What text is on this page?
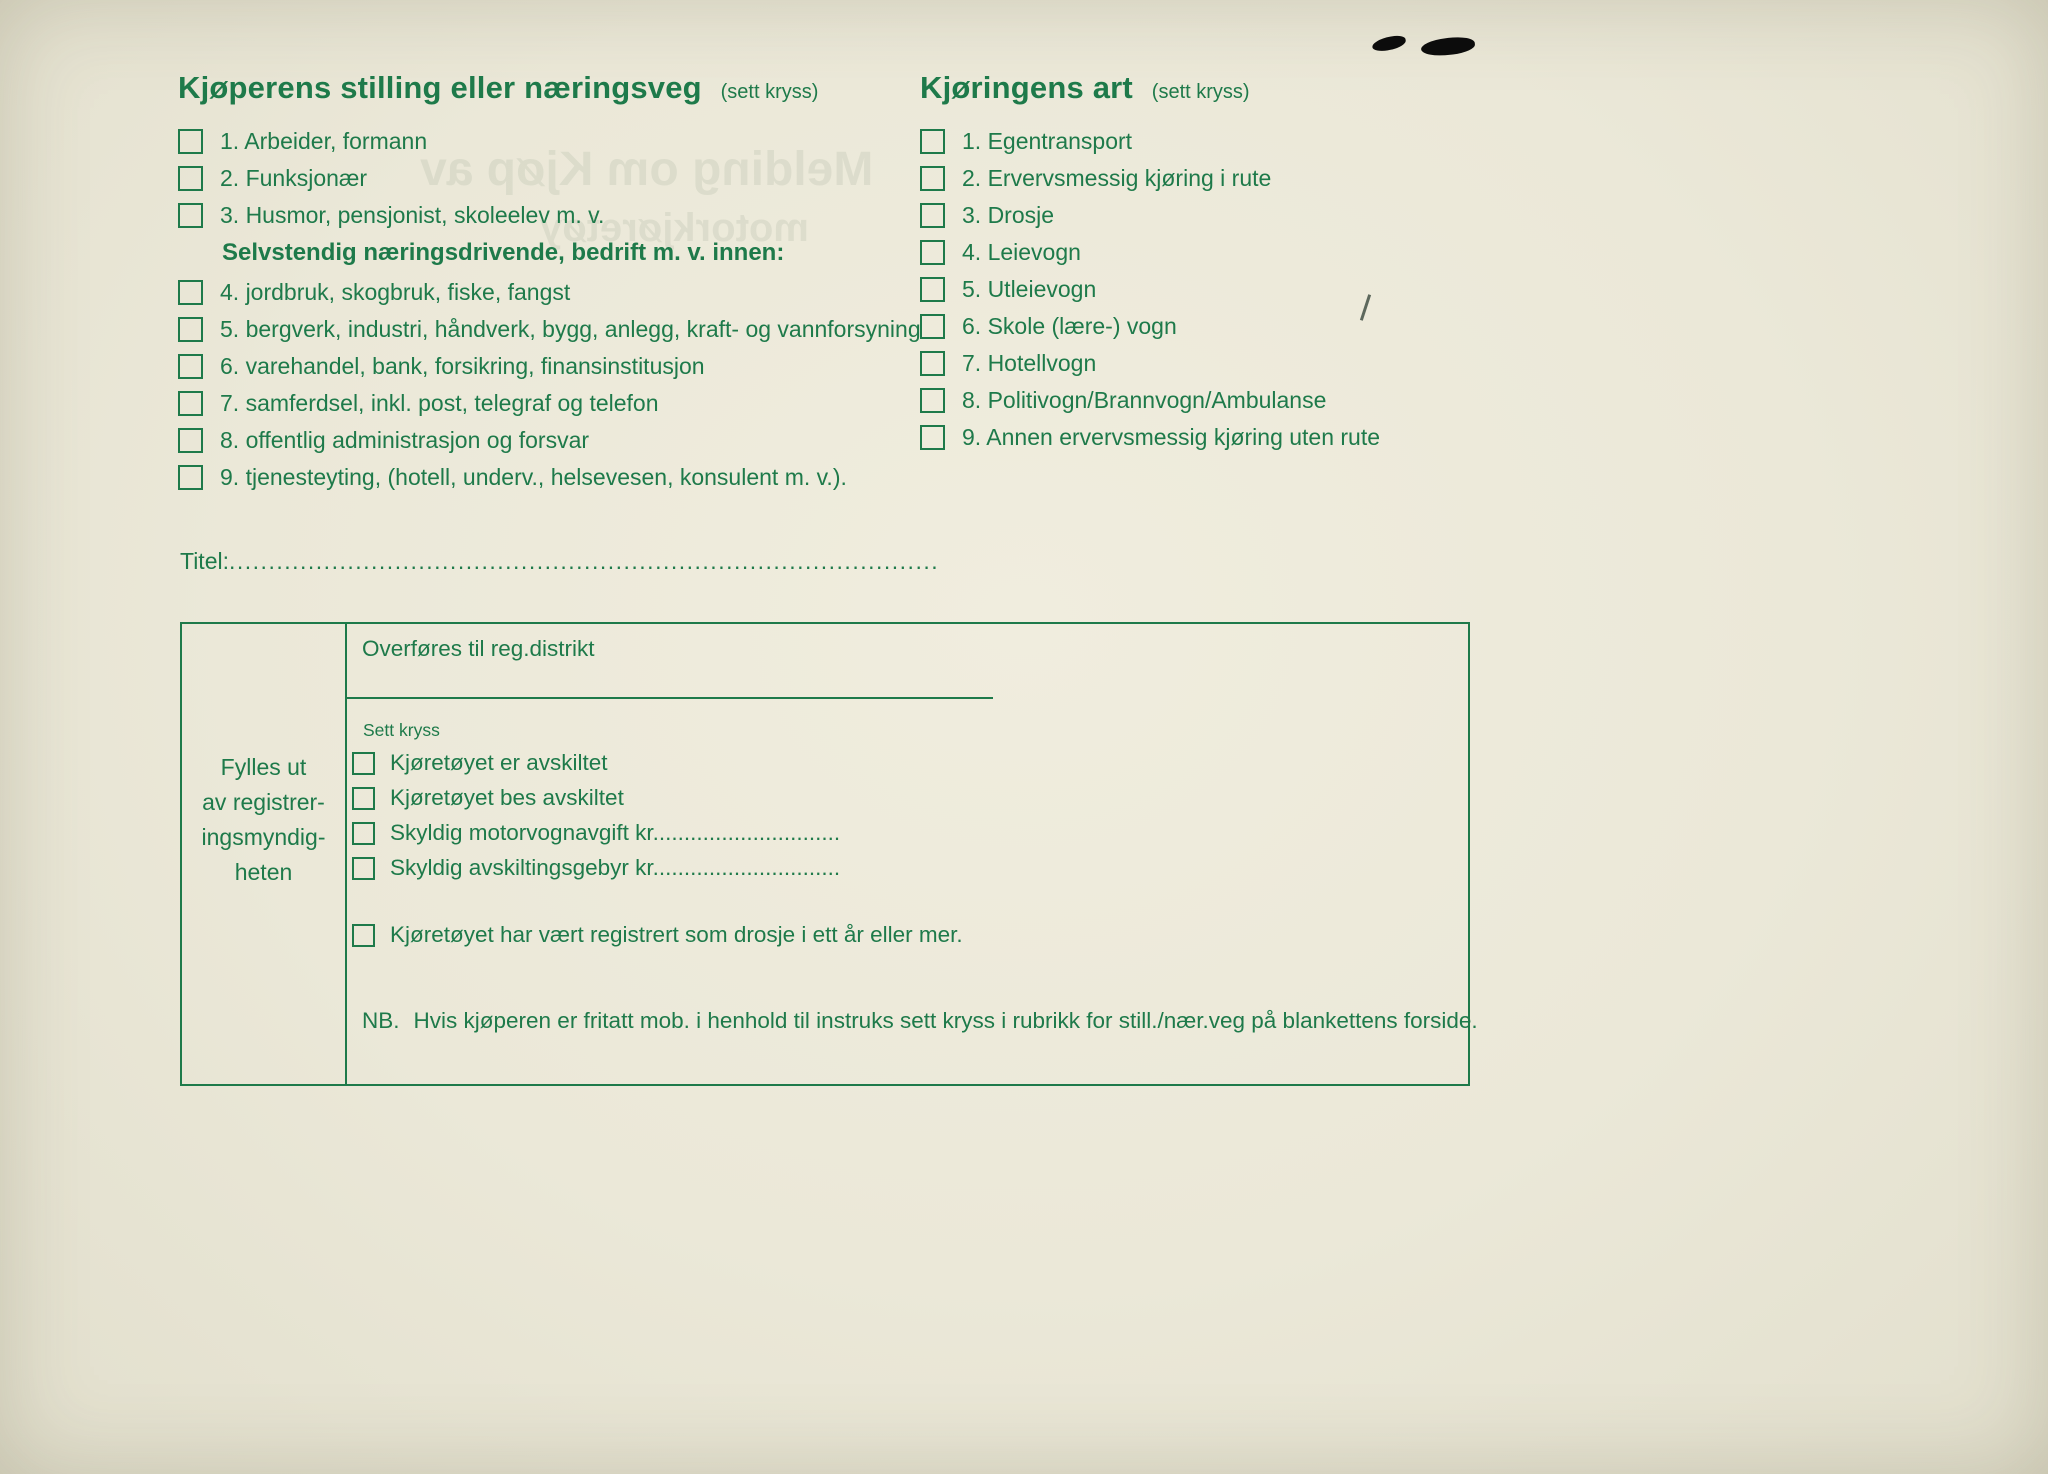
Melding om Kjøp av
motorkjøretøy
Kjøperens stilling eller næringsveg (sett kryss)
1. Arbeider, formann
2. Funksjonær
3. Husmor, pensjonist, skoleelev m. v.
Selvstendig næringsdrivende, bedrift m. v. innen:
4. jordbruk, skogbruk, fiske, fangst
5. bergverk, industri, håndverk, bygg, anlegg, kraft- og vannforsyning
6. varehandel, bank, forsikring, finansinstitusjon
7. samferdsel, inkl. post, telegraf og telefon
8. offentlig administrasjon og forsvar
9. tjenesteyting, (hotell, underv., helsevesen, konsulent m. v.).
Kjøringens art (sett kryss)
1. Egentransport
2. Ervervsmessig kjøring i rute
3. Drosje
4. Leievogn
5. Utleievogn
6. Skole (lære-) vogn
7. Hotellvogn
8. Politivogn/Brannvogn/Ambulanse
9. Annen ervervsmessig kjøring uten rute
Titel:..........................................................................................
Fylles ut
av registrer-
ingsmyndig-
heten
Overføres til reg.distrikt
Sett kryss
Kjøretøyet er avskiltet
Kjøretøyet bes avskiltet
Skyldig motorvognavgift kr..............................
Skyldig avskiltingsgebyr kr..............................
Kjøretøyet har vært registrert som drosje i ett år eller mer.
NB. Hvis kjøperen er fritatt mob. i henhold til instruks sett kryss i rubrikk for still./nær.veg på blankettens forside.
